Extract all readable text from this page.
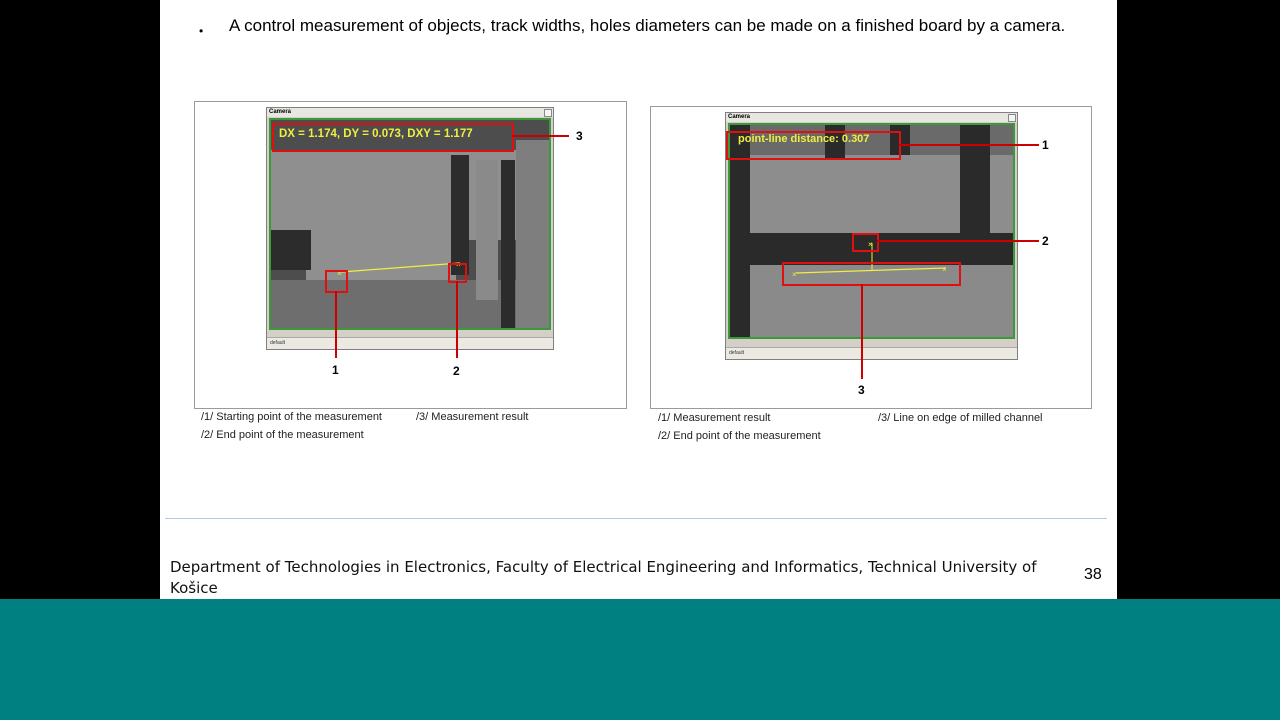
• A control measurement of objects, track widths, holes diameters can be made on a finished board by a camera.
Camera
×
×
DX = 1.174, DY = 0.073, DXY = 1.177
default
3
1	2
/1/ Starting point of the measurement
/2/ End point of the measurement
/3/ Measurement result
Camera
×
×
×
point-line distance: 0.307
default
1
2
3
/1/ Measurement result
/2/ End point of the measurement
/3/ Line on edge of milled channel
Department of Technologies in Electronics, Faculty of Electrical Engineering and Informatics, Technical University of Košice
38
